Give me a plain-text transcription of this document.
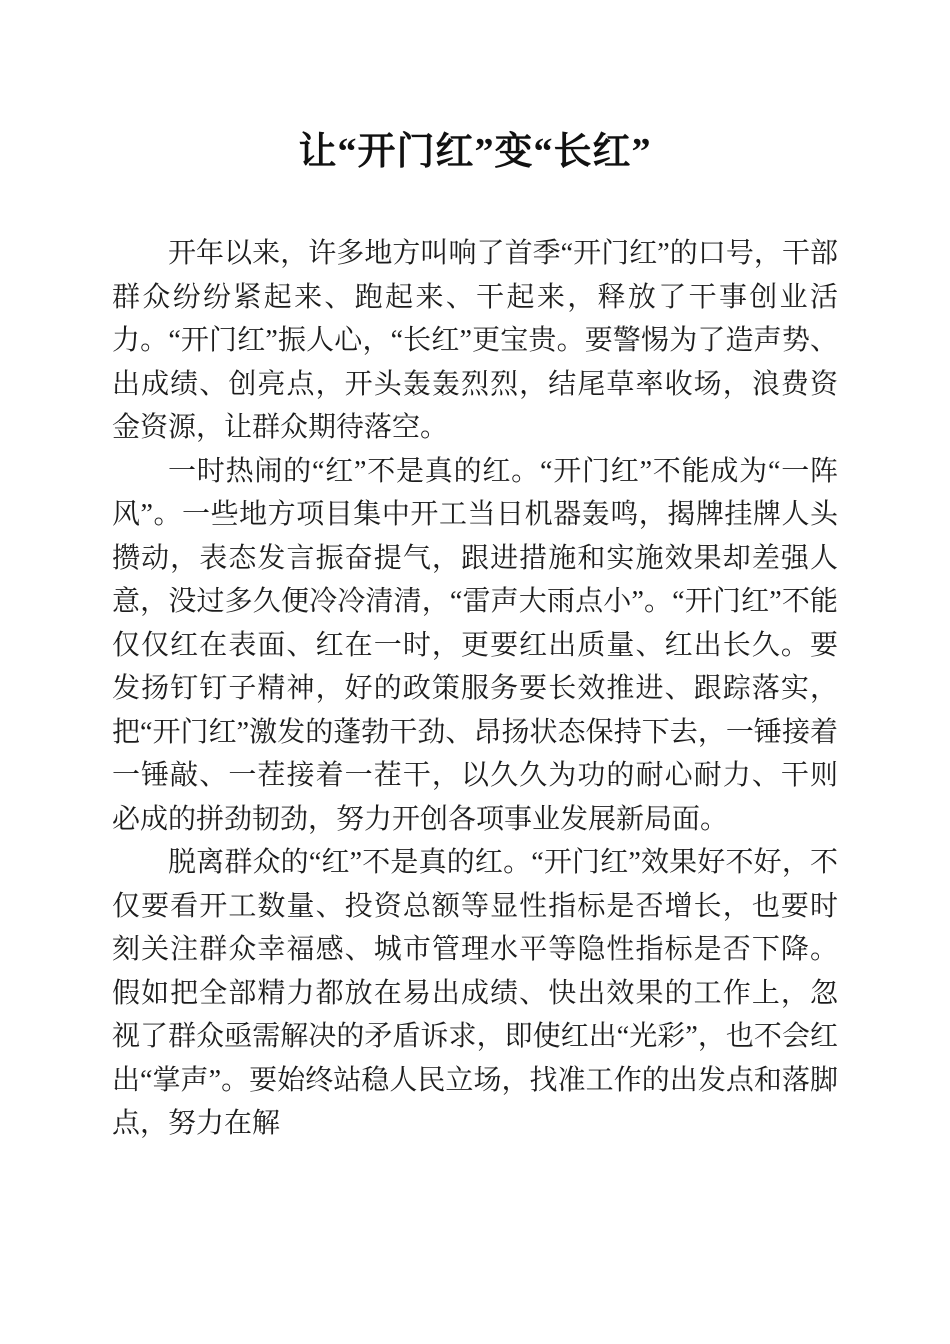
让“开门红”变“长红”

开年以来，许多地方叫响了首季“开门红”的口号，干部群众纷纷紧起来、跑起来、干起来，释放了干事创业活力。“开门红”振人心，“长红”更宝贵。要警惕为了造声势、出成绩、创亮点，开头轰轰烈烈，结尾草率收场，浪费资金资源，让群众期待落空。

一时热闹的“红”不是真的红。“开门红”不能成为“一阵风”。一些地方项目集中开工当日机器轰鸣，揭牌挂牌人头攒动，表态发言振奋提气，跟进措施和实施效果却差强人意，没过多久便冷冷清清，“雷声大雨点小”。“开门红”不能仅仅红在表面、红在一时，更要红出质量、红出长久。要发扬钉钉子精神，好的政策服务要长效推进、跟踪落实，把“开门红”激发的蓬勃干劲、昂扬状态保持下去，一锤接着一锤敲、一茬接着一茬干，以久久为功的耐心耐力、干则必成的拼劲韧劲，努力开创各项事业发展新局面。

脱离群众的“红”不是真的红。“开门红”效果好不好，不仅要看开工数量、投资总额等显性指标是否增长，也要时刻关注群众幸福感、城市管理水平等隐性指标是否下降。假如把全部精力都放在易出成绩、快出效果的工作上，忽视了群众亟需解决的矛盾诉求，即使红出“光彩”，也不会红出“掌声”。要始终站稳人民立场，找准工作的出发点和落脚点，努力在解
